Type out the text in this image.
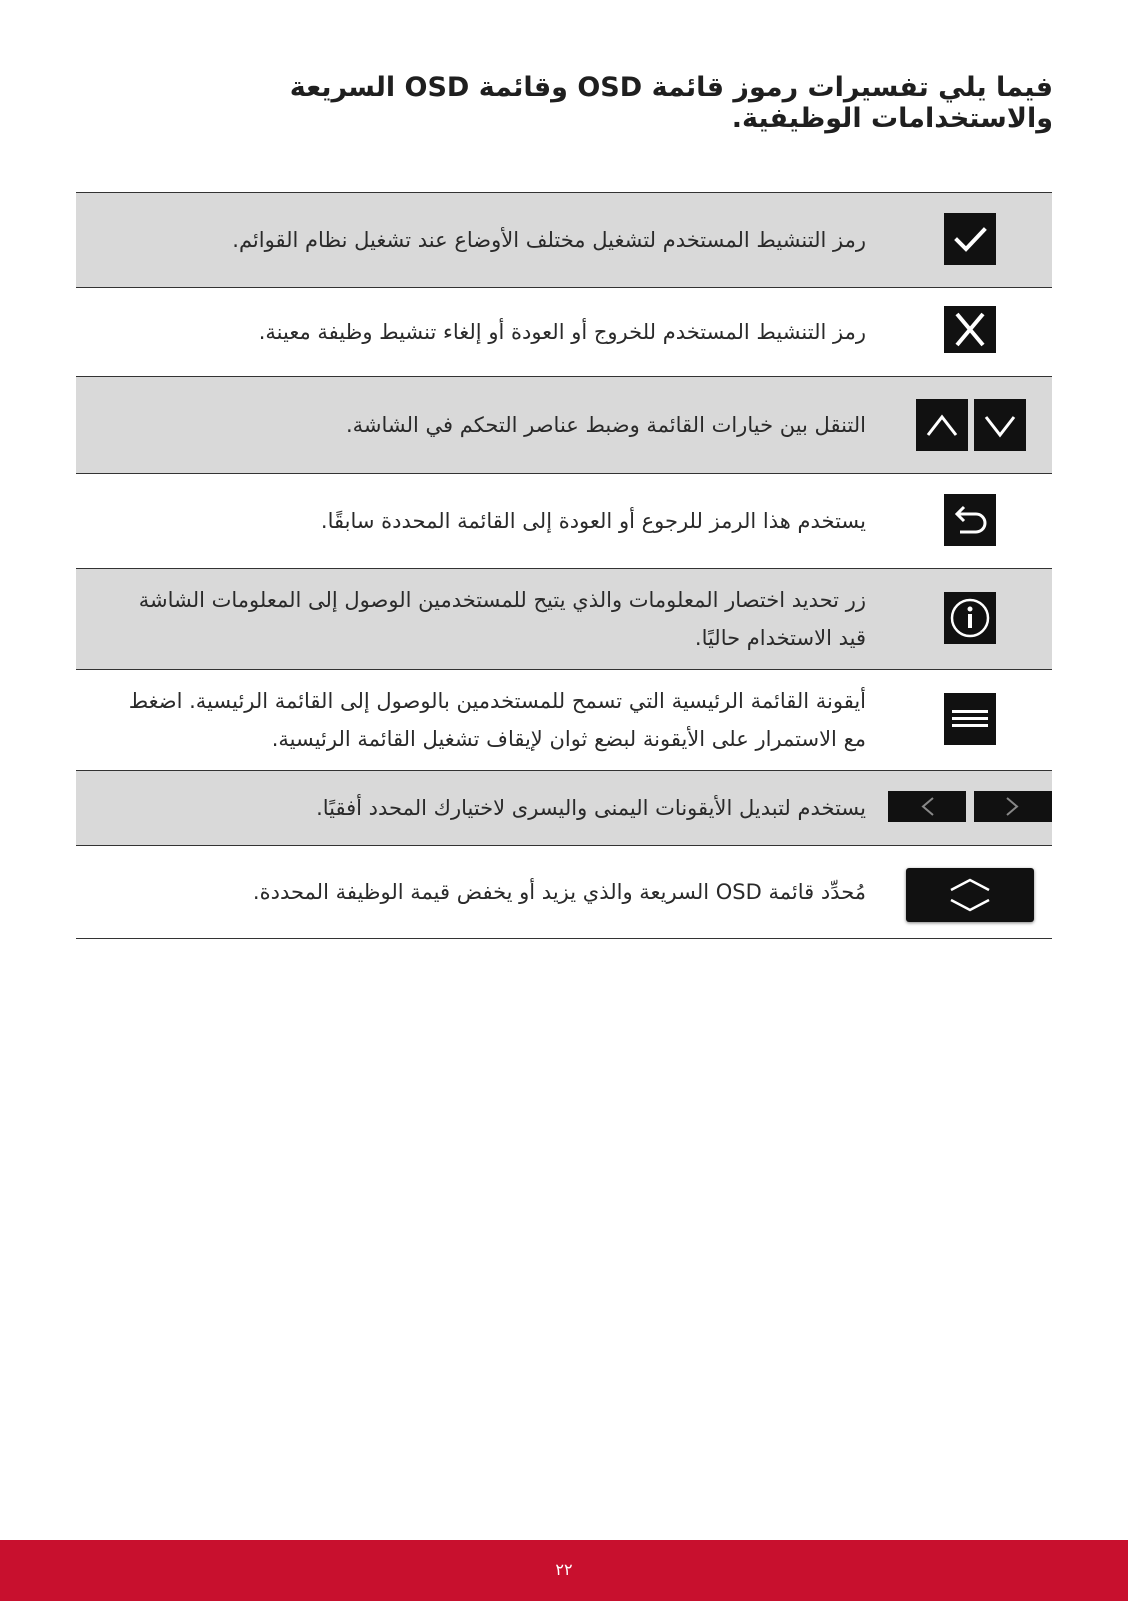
فيما يلي تفسيرات رموز قائمة OSD وقائمة OSD السريعة والاستخدامات الوظيفية.
رمز التنشيط المستخدم لتشغيل مختلف الأوضاع عند تشغيل نظام القوائم.
رمز التنشيط المستخدم للخروج أو العودة أو إلغاء تنشيط وظيفة معينة.
التنقل بين خيارات القائمة وضبط عناصر التحكم في الشاشة.
يستخدم هذا الرمز للرجوع أو العودة إلى القائمة المحددة سابقًا.
زر تحديد اختصار المعلومات والذي يتيح للمستخدمين الوصول إلى المعلومات الشاشة قيد الاستخدام حاليًا.
أيقونة القائمة الرئيسية التي تسمح للمستخدمين بالوصول إلى القائمة الرئيسية. اضغط مع الاستمرار على الأيقونة لبضع ثوان لإيقاف تشغيل القائمة الرئيسية.
يستخدم لتبديل الأيقونات اليمنى واليسرى لاختيارك المحدد أفقيًا.
مُحدِّد قائمة OSD السريعة والذي يزيد أو يخفض قيمة الوظيفة المحددة.
٢٢
